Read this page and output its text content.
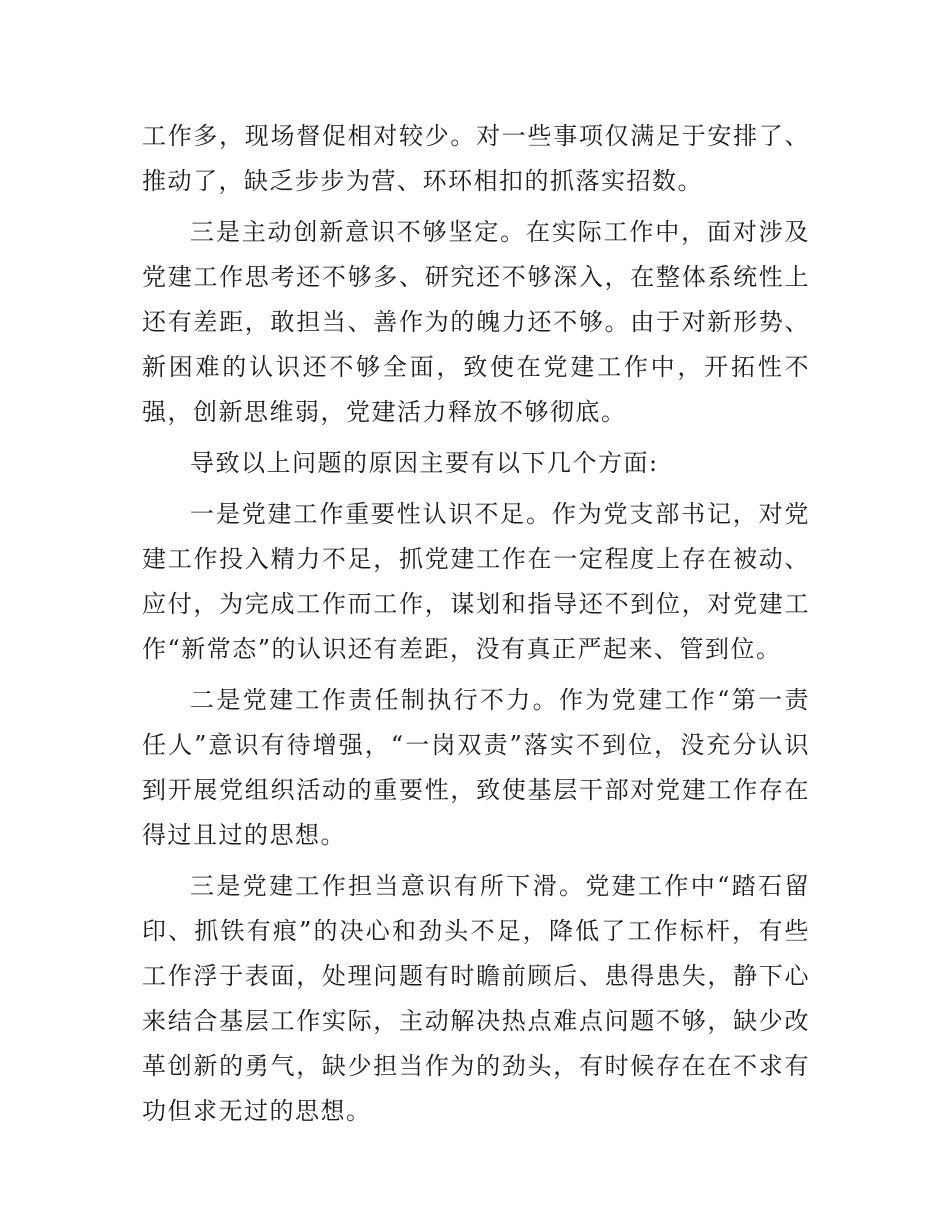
工作多，现场督促相对较少。对一些事项仅满足于安排了、推动了，缺乏步步为营、环环相扣的抓落实招数。

三是主动创新意识不够坚定。在实际工作中，面对涉及党建工作思考还不够多、研究还不够深入，在整体系统性上还有差距，敢担当、善作为的魄力还不够。由于对新形势、新困难的认识还不够全面，致使在党建工作中，开拓性不强，创新思维弱，党建活力释放不够彻底。

导致以上问题的原因主要有以下几个方面:

一是党建工作重要性认识不足。作为党支部书记，对党建工作投入精力不足，抓党建工作在一定程度上存在被动、应付，为完成工作而工作，谋划和指导还不到位，对党建工作“新常态”的认识还有差距，没有真正严起来、管到位。

二是党建工作责任制执行不力。作为党建工作“第一责任人”意识有待增强，“一岗双责”落实不到位，没充分认识到开展党组织活动的重要性，致使基层干部对党建工作存在得过且过的思想。

三是党建工作担当意识有所下滑。党建工作中“踏石留印、抓铁有痕”的决心和劲头不足，降低了工作标杆，有些工作浮于表面，处理问题有时瞻前顾后、患得患失，静下心来结合基层工作实际，主动解决热点难点问题不够，缺少改革创新的勇气，缺少担当作为的劲头，有时候存在在不求有功但求无过的思想。
